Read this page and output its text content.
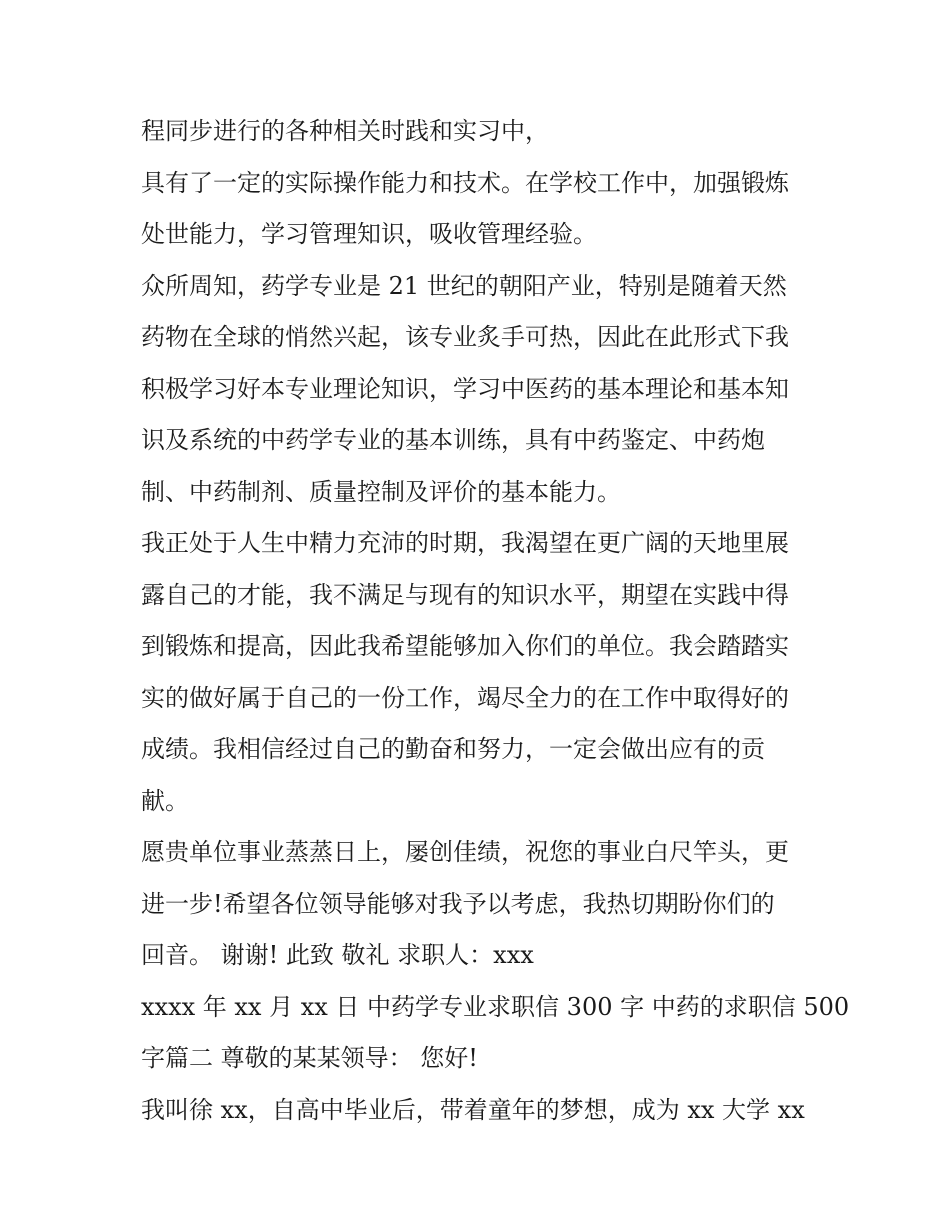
程同步进行的各种相关时践和实习中，
具有了一定的实际操作能力和技术。在学校工作中，加强锻炼
处世能力，学习管理知识，吸收管理经验。
众所周知，药学专业是 21 世纪的朝阳产业，特别是随着天然
药物在全球的悄然兴起，该专业炙手可热，因此在此形式下我
积极学习好本专业理论知识，学习中医药的基本理论和基本知
识及系统的中药学专业的基本训练，具有中药鉴定、中药炮
制、中药制剂、质量控制及评价的基本能力。
我正处于人生中精力充沛的时期，我渴望在更广阔的天地里展
露自己的才能，我不满足与现有的知识水平，期望在实践中得
到锻炼和提高，因此我希望能够加入你们的单位。我会踏踏实
实的做好属于自己的一份工作，竭尽全力的在工作中取得好的
成绩。我相信经过自己的勤奋和努力，一定会做出应有的贡
献。
愿贵单位事业蒸蒸日上，屡创佳绩，祝您的事业白尺竿头，更
进一步!希望各位领导能够对我予以考虑，我热切期盼你们的
回音。 谢谢! 此致 敬礼 求职人：xxx
xxxx 年 xx 月 xx 日 中药学专业求职信 300 字 中药的求职信 500
字篇二 尊敬的某某领导： 您好!
我叫徐 xx，自高中毕业后，带着童年的梦想，成为 xx 大学 xx
